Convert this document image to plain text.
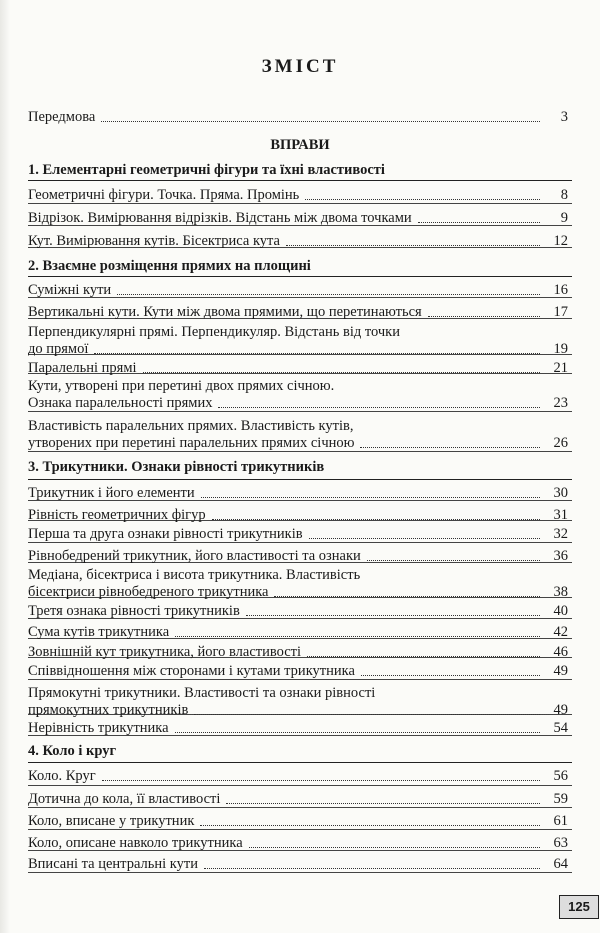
ЗМІСТ
Передмова	3
ВПРАВИ
1. Елементарні геометричні фігури та їхні властивості
Геометричні фігури. Точка. Пряма. Промінь	8
Відрізок. Вимірювання відрізків. Відстань між двома точками	9
Кут. Вимірювання кутів. Бісектриса кута	12
2. Взаємне розміщення прямих на площині
Суміжні кути	16
Вертикальні кути. Кути між двома прямими, що перетинаються	17
Перпендикулярні прямі. Перпендикуляр. Відстань від точки
до прямої	19
Паралельні прямі	21
Кути, утворені при перетині двох прямих січною.
Ознака паралельності прямих	23
Властивість паралельних прямих. Властивість кутів,
утворених при перетині паралельних прямих січною	26
3. Трикутники. Ознаки рівності трикутників
Трикутник і його елементи	30
Рівність геометричних фігур	31
Перша та друга ознаки рівності трикутників	32
Рівнобедрений трикутник, його властивості та ознаки	36
Медіана, бісектриса і висота трикутника. Властивість
бісектриси рівнобедреного трикутника	38
Третя ознака рівності трикутників	40
Сума кутів трикутника	42
Зовнішній кут трикутника, його властивості	46
Співвідношення між сторонами і кутами трикутника	49
Прямокутні трикутники. Властивості та ознаки рівності
прямокутних трикутників	49
Нерівність трикутника	54
4. Коло і круг
Коло. Круг	56
Дотична до кола, її властивості	59
Коло, вписане у трикутник	61
Коло, описане навколо трикутника	63
Вписані та центральні кути	64
125
